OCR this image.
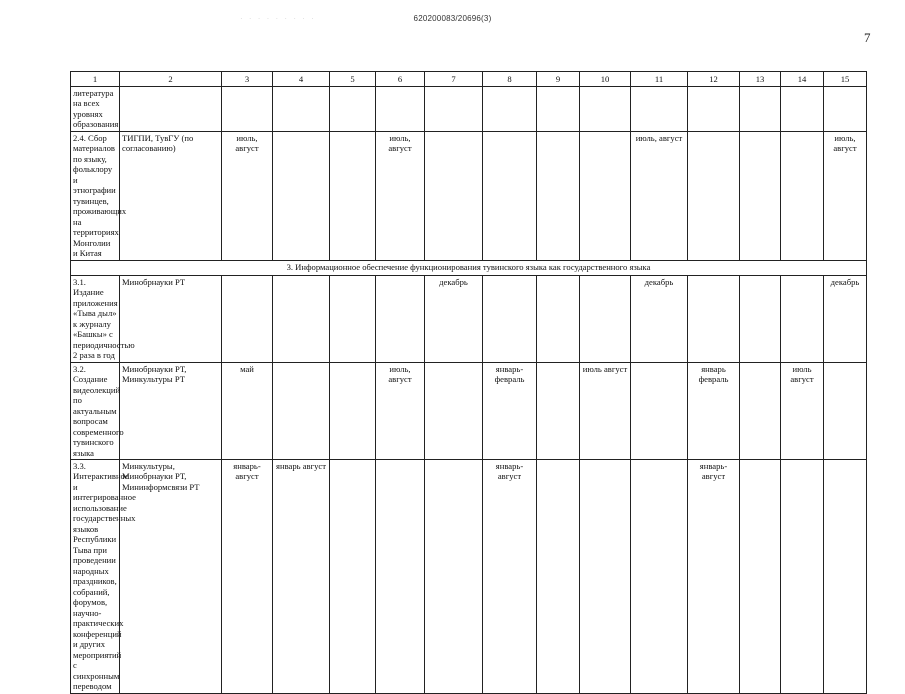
· · · · · · · · ·	620200083/20696(3)
7
1	2	3	4	5	6	7	8	9	10	11	12	13	14	15
литература на всех уровнях образования														
2.4. Сбор материалов по языку, фольклору и этнографии тувинцев, проживающих на территориях Монголии и Китая	ТИГПИ, ТувГУ (по согласованию)	июль, август			июль, август					июль, август				июль, август
3. Информационное обеспечение функционирования тувинского языка как государственного языка														
3.1. Издание приложения «Тыва дыл» к журналу «Башкы» с периодичностью 2 раза в год	Минобрнауки РТ					декабрь				декабрь				декабрь
3.2. Создание видеолекций по актуальным вопросам современного тувинского языка	Минобрнауки РТ, Минкультуры РТ	май			июль, август		январь-февраль		июль август		январь февраль		июль август	
3.3. Интерактивное и интегрированное использование государственных языков Республики Тыва при проведении народных праздников, собраний, форумов, научно-практических конференций и других мероприятий с синхронным переводом	Минкультуры, Минобрнауки РТ, Мининформсвязи РТ	январь-август	январь август				январь-август				январь-август			
